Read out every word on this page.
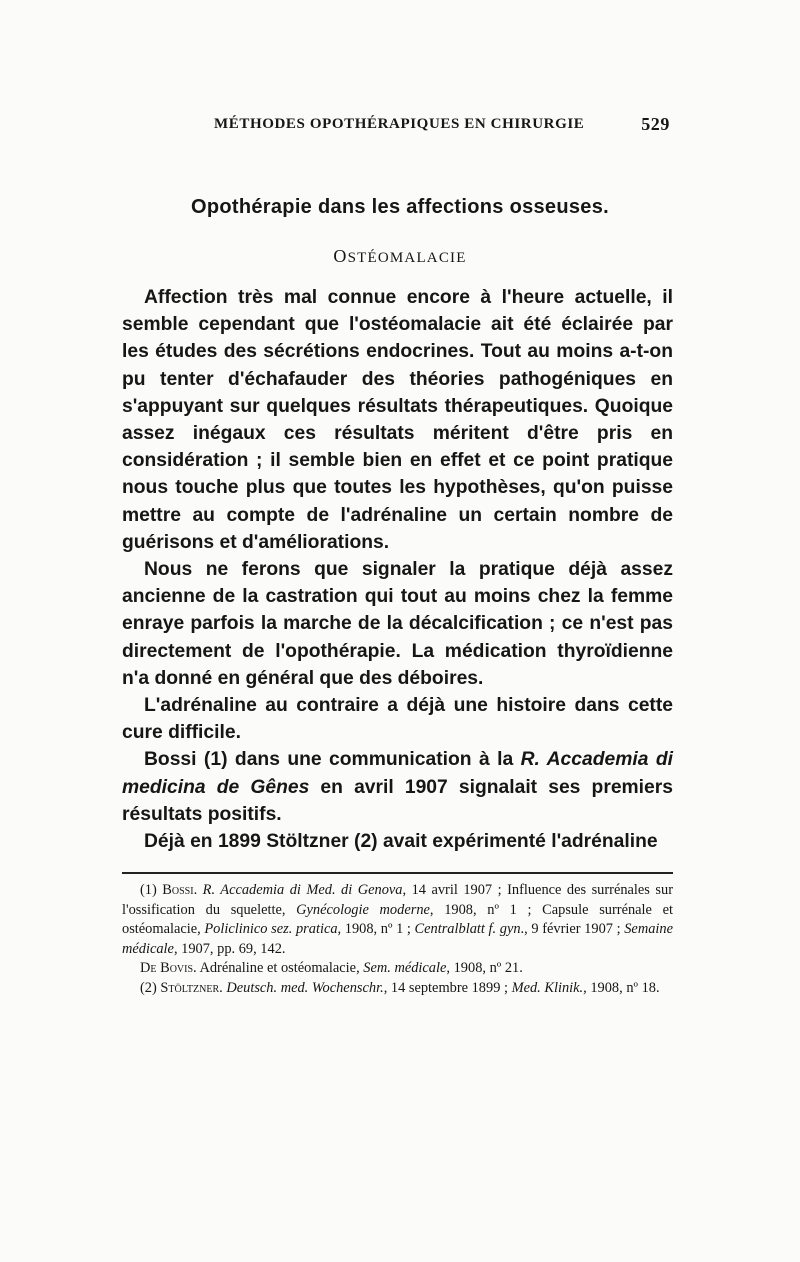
MÉTHODES OPOTHÉRAPIQUES EN CHIRURGIE	529
Opothérapie dans les affections osseuses.
OSTÉOMALACIE

Affection très mal connue encore à l'heure actuelle, il semble cependant que l'ostéomalacie ait été éclairée par les études des sécrétions endocrines. Tout au moins a-t-on pu tenter d'échafauder des théories pathogéniques en s'appuyant sur quelques résultats thérapeutiques. Quoique assez inégaux ces résultats méritent d'être pris en considération ; il semble bien en effet et ce point pratique nous touche plus que toutes les hypothèses, qu'on puisse mettre au compte de l'adrénaline un certain nombre de guérisons et d'améliorations.

Nous ne ferons que signaler la pratique déjà assez ancienne de la castration qui tout au moins chez la femme enraye parfois la marche de la décalcification ; ce n'est pas directement de l'opothérapie. La médication thyroïdienne n'a donné en général que des déboires.

L'adrénaline au contraire a déjà une histoire dans cette cure difficile.

Bossi (1) dans une communication à la R. Accademia di medicina de Gênes en avril 1907 signalait ses premiers résultats positifs.

Déjà en 1899 Stöltzner (2) avait expérimenté l'adrénaline

(1) Bossi. R. Accademia di Med. di Genova, 14 avril 1907 ; Influence des surrénales sur l'ossification du squelette, Gynécologie moderne, 1908, nº 1 ; Capsule surrénale et ostéomalacie, Policlinico sez. pratica, 1908, nº 1 ; Centralblatt f. gyn., 9 février 1907 ; Semaine médicale, 1907, pp. 69, 142.

De Bovis. Adrénaline et ostéomalacie, Sem. médicale, 1908, nº 21.

(2) Stöltzner. Deutsch. med. Wochenschr., 14 septembre 1899 ; Med. Klinik., 1908, nº 18.
